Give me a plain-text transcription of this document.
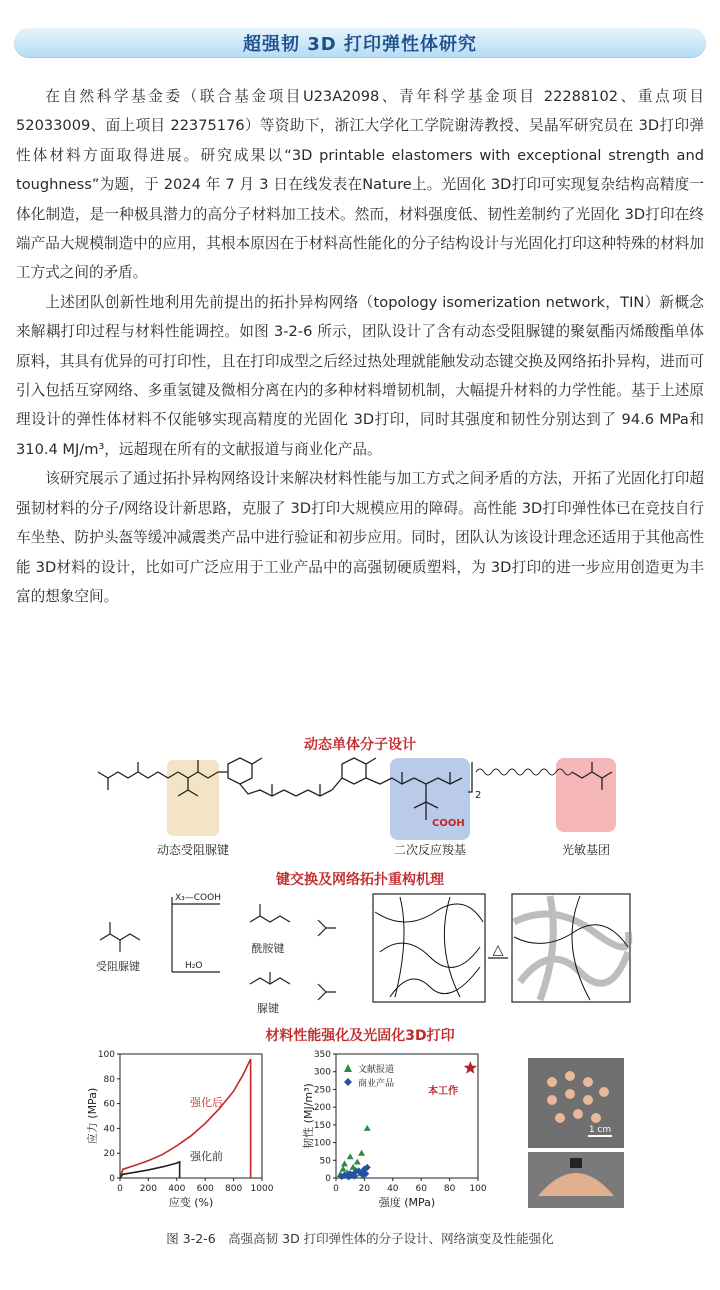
超强韧 3D 打印弹性体研究

在自然科学基金委（联合基金项目U23A2098、青年科学基金项目 22288102、重点项目 52033009、面上项目 22375176）等资助下，浙江大学化工学院谢涛教授、吴晶军研究员在 3D打印弹性体材料方面取得进展。研究成果以“3D printable elastomers with exceptional strength and toughness”为题，于 2024 年 7 月 3 日在线发表在Nature上。光固化 3D打印可实现复杂结构高精度一体化制造，是一种极具潜力的高分子材料加工技术。然而，材料强度低、韧性差制约了光固化 3D打印在终端产品大规模制造中的应用，其根本原因在于材料高性能化的分子结构设计与光固化打印这种特殊的材料加工方式之间的矛盾。

上述团队创新性地利用先前提出的拓扑异构网络（topology isomerization network，TIN）新概念来解耦打印过程与材料性能调控。如图 3-2-6 所示，团队设计了含有动态受阻脲键的聚氨酯丙烯酸酯单体原料，其具有优异的可打印性，且在打印成型之后经过热处理就能触发动态键交换及网络拓扑异构，进而可引入包括互穿网络、多重氢键及微相分离在内的多种材料增韧机制，大幅提升材料的力学性能。基于上述原理设计的弹性体材料不仅能够实现高精度的光固化 3D打印，同时其强度和韧性分别达到了 94.6 MPa和 310.4 MJ/m³，远超现在所有的文献报道与商业化产品。

该研究展示了通过拓扑异构网络设计来解决材料性能与加工方式之间矛盾的方法，开拓了光固化打印超强韧材料的分子/网络设计新思路，克服了 3D打印大规模应用的障碍。高性能 3D打印弹性体已在竞技自行车坐垫、防护头盔等缓冲减震类产品中进行验证和初步应用。同时，团队认为该设计理念还适用于其他高性能 3D材料的设计，比如可广泛应用于工业产品中的高强韧硬质塑料，为 3D打印的进一步应用创造更为丰富的想象空间。

动态单体分子设计
2
COOH
动态受阻脲键	二次反应羧基	光敏基团
键交换及网络拓扑重构机理
X₃—COOH
H₂O
受阻脲键
酰胺键
脲键
△
材料性能强化及光固化3D打印
0 200 400 600 800 1000
0
20
40
60
80
100
强化后
强化前
应变 (%)
应力 (MPa)
0 20 40 60 80 100
0
50
100
150
200
250
300
350
文献报道
商业产品
本工作
强度 (MPa)
韧性 (MJ/m³)	1 cm
图 3-2-6　高强高韧 3D 打印弹性体的分子设计、网络演变及性能强化
